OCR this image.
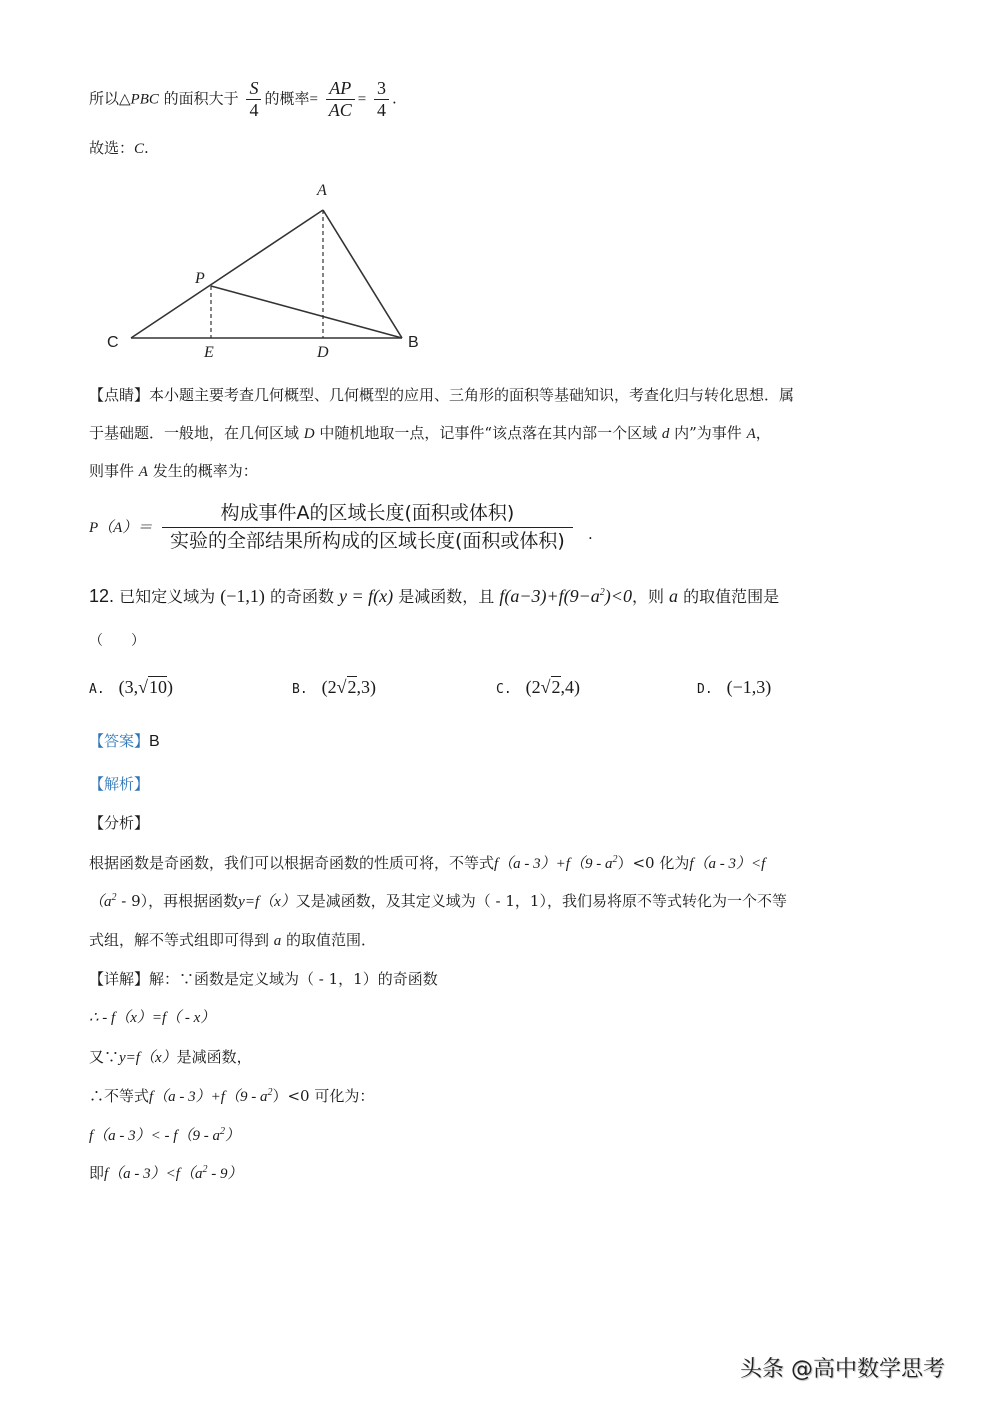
所以△PBC 的面积大于 $\frac{S}{4}$ 的概率= $\frac{AP}{AC} = \frac{3}{4}$ .
故选：C.
A
P
C
E	D
B
【点睛】本小题主要考查几何概型、几何概型的应用、三角形的面积等基础知识，考查化归与转化思想．属
于基础题．一般地，在几何区域 D 中随机地取一点，记事件“该点落在其内部一个区域 d 内”为事件 A，
则事件 A 发生的概率为：
P（A）＝
构成事件A的区域长度(面积或体积)
实验的全部结果所构成的区域长度(面积或体积)	.
12. 已知定义域为 (−1,1) 的奇函数 y = f(x) 是减函数，且 $f(a-3)+f(9-a^2)<0$，则 a 的取值范围是
（　　）
A. (3,√10)	B. (2√2,3)	C. (2√2,4)	D. (−1,3)
【答案】B
【解析】
【分析】
根据函数是奇函数，我们可以根据奇函数的性质可将，不等式$f(a - 3)+f(9 - a^2)<0$ 化为f（a - 3）<f
$(a^2 - 9)$，再根据函数y=f（x）又是减函数，及其定义域为（ - 1，1），我们易将原不等式转化为一个不等
式组，解不等式组即可得到 a 的取值范围．
【详解】解：∵函数是定义域为（ - 1，1）的奇函数
∴ - f（x）=f（ - x）
又∵y=f（x）是减函数，
∴不等式$f(a - 3)+f(9 - a^2)<0$ 可化为：
$f(a - 3)< - f(9 - a^2)$
即$f(a - 3)<f(a^2 - 9)$
头条 @高中数学思考
